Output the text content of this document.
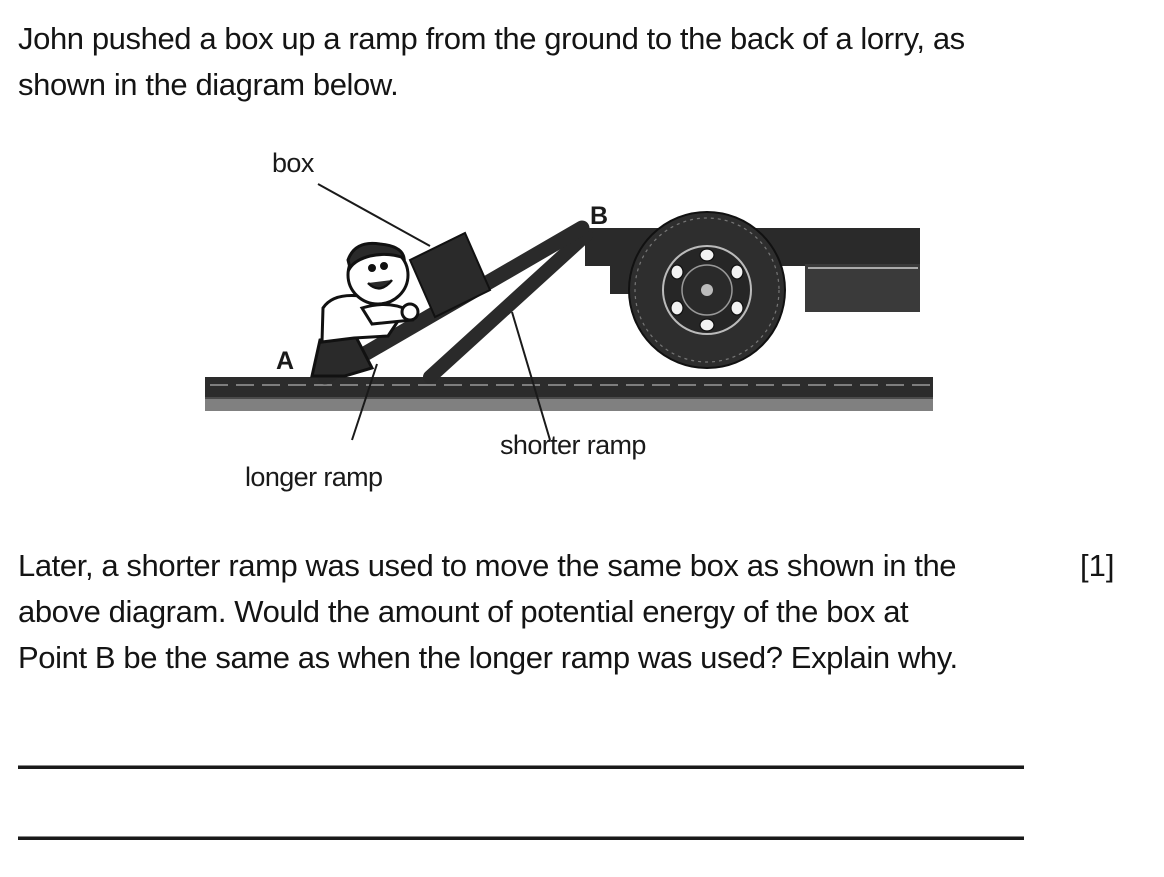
John pushed a box up a ramp from the ground to the back of a lorry, as
shown in the diagram below.
box
B
A
shorter ramp
longer ramp
Later, a shorter ramp was used to move the same box as shown in the
above diagram. Would the amount of potential energy of the box at
Point B be the same as when the longer ramp was used? Explain why.
[1]
